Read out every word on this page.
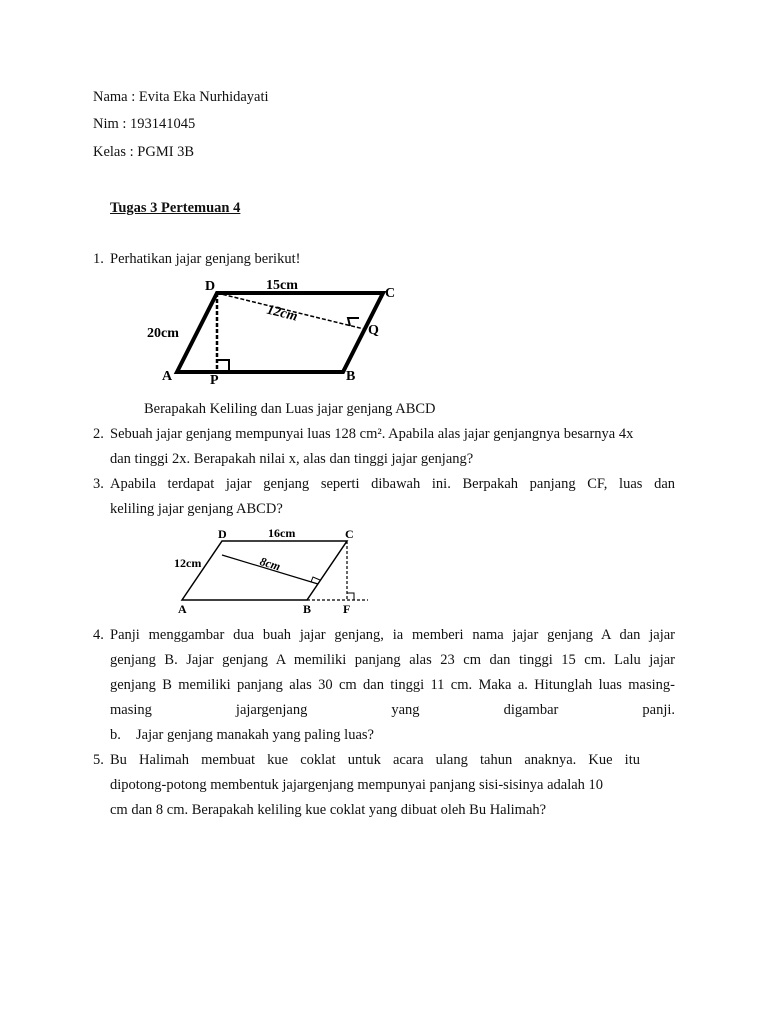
Nama : Evita Eka Nurhidayati
Nim : 193141045
Kelas : PGMI 3B
Tugas 3 Pertemuan 4
1. Perhatikan jajar genjang berikut!
D	C
Q
A	P	B
15cm
20cm
12cm
Berapakah Keliling dan Luas jajar genjang ABCD
2. Sebuah jajar genjang mempunyai luas 128 cm². Apabila alas jajar genjangnya besarnya 4x
dan tinggi 2x. Berapakah nilai x, alas dan tinggi jajar genjang?
3. Apabila terdapat jajar genjang seperti dibawah ini. Berpakah panjang CF, luas dan
keliling jajar genjang ABCD?
D	C
A	B	F
16cm
12cm	8cm
4. Panji menggambar dua buah jajar genjang, ia memberi nama jajar genjang A dan jajar
genjang B. Jajar genjang A memiliki panjang alas 23 cm dan tinggi 15 cm. Lalu jajar
genjang B memiliki panjang alas 30 cm dan tinggi 11 cm. Maka a. Hitunglah luas masing-
masing jajargenjang yang digambar panji.
b. Jajar genjang manakah yang paling luas?
5. Bu Halimah membuat kue coklat untuk acara ulang tahun anaknya. Kue itu
dipotong-potong membentuk jajargenjang mempunyai panjang sisi-sisinya adalah 10
cm dan 8 cm. Berapakah keliling kue coklat yang dibuat oleh Bu Halimah?
